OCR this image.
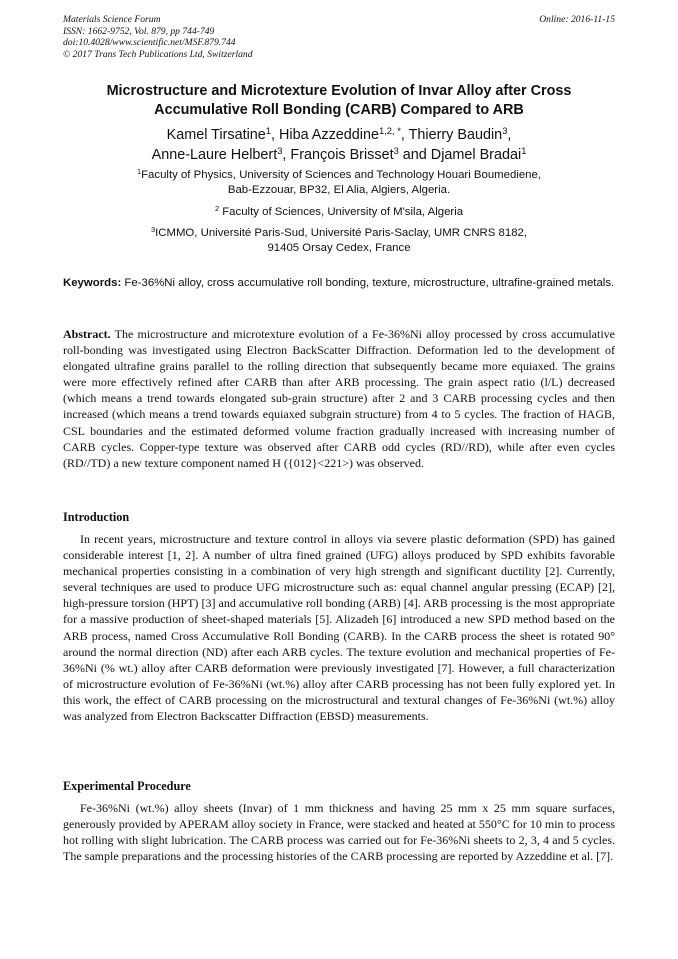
Materials Science Forum
ISSN: 1662-9752, Vol. 879, pp 744-749
doi:10.4028/www.scientific.net/MSF.879.744
© 2017 Trans Tech Publications Ltd, Switzerland
Online: 2016-11-15
Microstructure and Microtexture Evolution of Invar Alloy after Cross
Accumulative Roll Bonding (CARB) Compared to ARB
Kamel Tirsatine$^1$, Hiba Azzeddine$^{1,2, *}$, Thierry Baudin$^3$,
Anne-Laure Helbert$^3$, François Brisset$^3$ and Djamel Bradai$^1$
$^1$Faculty of Physics, University of Sciences and Technology Houari Boumediene,
Bab-Ezzouar, BP32, El Alia, Algiers, Algeria.
$^2$ Faculty of Sciences, University of M'sila, Algeria
$^3$ICMMO, Université Paris-Sud, Université Paris-Saclay, UMR CNRS 8182,
91405 Orsay Cedex, France
Keywords: Fe-36%Ni alloy, cross accumulative roll bonding, texture, microstructure, ultrafine-grained metals.
Abstract. The microstructure and microtexture evolution of a Fe-36%Ni alloy processed by cross accumulative roll-bonding was investigated using Electron BackScatter Diffraction. Deformation led to the development of elongated ultrafine grains parallel to the rolling direction that subsequently became more equiaxed. The grains were more effectively refined after CARB than after ARB processing. The grain aspect ratio (l/L) decreased (which means a trend towards elongated sub-grain structure) after 2 and 3 CARB processing cycles and then increased (which means a trend towards equiaxed subgrain structure) from 4 to 5 cycles. The fraction of HAGB, CSL boundaries and the estimated deformed volume fraction gradually increased with increasing number of CARB cycles. Copper-type texture was observed after CARB odd cycles (RD//RD), while after even cycles (RD//TD) a new texture component named H ({012}<221>) was observed.
Introduction
In recent years, microstructure and texture control in alloys via severe plastic deformation (SPD) has gained considerable interest [1, 2]. A number of ultra fined grained (UFG) alloys produced by SPD exhibits favorable mechanical properties consisting in a combination of very high strength and significant ductility [2]. Currently, several techniques are used to produce UFG microstructure such as: equal channel angular pressing (ECAP) [2], high-pressure torsion (HPT) [3] and accumulative roll bonding (ARB) [4]. ARB processing is the most appropriate for a massive production of sheet-shaped materials [5]. Alizadeh [6] introduced a new SPD method based on the ARB process, named Cross Accumulative Roll Bonding (CARB). In the CARB process the sheet is rotated 90° around the normal direction (ND) after each ARB cycles. The texture evolution and mechanical properties of Fe-36%Ni (% wt.) alloy after CARB deformation were previously investigated [7]. However, a full characterization of microstructure evolution of Fe-36%Ni (wt.%) alloy after CARB processing has not been fully explored yet. In this work, the effect of CARB processing on the microstructural and textural changes of Fe-36%Ni (wt.%) alloy was analyzed from Electron Backscatter Diffraction (EBSD) measurements.
Experimental Procedure
Fe-36%Ni (wt.%) alloy sheets (Invar) of 1 mm thickness and having 25 mm x 25 mm square surfaces, generously provided by APERAM alloy society in France, were stacked and heated at 550°C for 10 min to process hot rolling with slight lubrication. The CARB process was carried out for Fe-36%Ni sheets to 2, 3, 4 and 5 cycles. The sample preparations and the processing histories of the CARB processing are reported by Azzeddine et al. [7].
